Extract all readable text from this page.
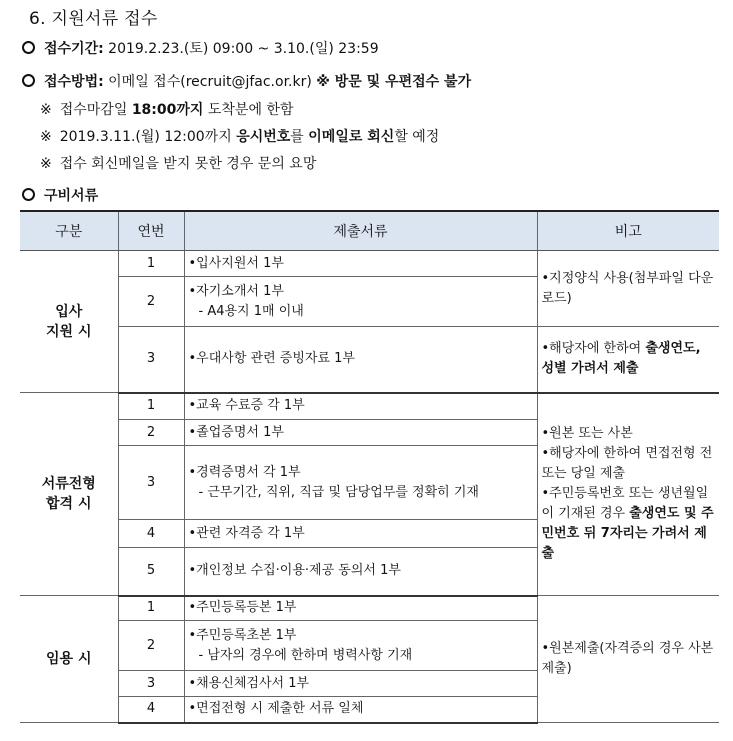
6. 지원서류 접수
접수기간: 2019.2.23.(토) 09:00 ~ 3.10.(일) 23:59
접수방법: 이메일 접수(recruit@jfac.or.kr) ※ 방문 및 우편접수 불가
※ 접수마감일 18:00까지 도착분에 한함
※ 2019.3.11.(월) 12:00까지 응시번호를 이메일로 회신할 예정
※ 접수 회신메일을 받지 못한 경우 문의 요망
구비서류
구분	연번	제출서류	비고
입사
지원 시	1	•입사지원서 1부	•지정양식 사용(첨부파일 다운로드)
	2	•자기소개서 1부
- A4용지 1매 이내	

	3	•우대사항 관련 증빙자료 1부	•해당자에 한하여 출생연도, 성별 가려서 제출
서류전형
합격 시	1	•교육 수료증 각 1부	•원본 또는 사본
•해당자에 한하여 면접전형 전 또는 당일 제출
•주민등록번호 또는 생년월일이 기재된 경우 출생연도 및 주민번호 뒤 7자리는 가려서 제출
	2	•졸업증명서 1부	
	3	•경력증명서 각 1부
- 근무기간, 직위, 직급 및 담당업무를 정확히 기재	

	4	•관련 자격증 각 1부	
	5	•개인정보 수집·이용·제공 동의서 1부	
임용 시	1	•주민등록등본 1부	•원본제출(자격증의 경우 사본 제출)
	2	•주민등록초본 1부
- 남자의 경우에 한하며 병력사항 기재	

	3	•채용신체검사서 1부	
	4	•면접전형 시 제출한 서류 일체	
